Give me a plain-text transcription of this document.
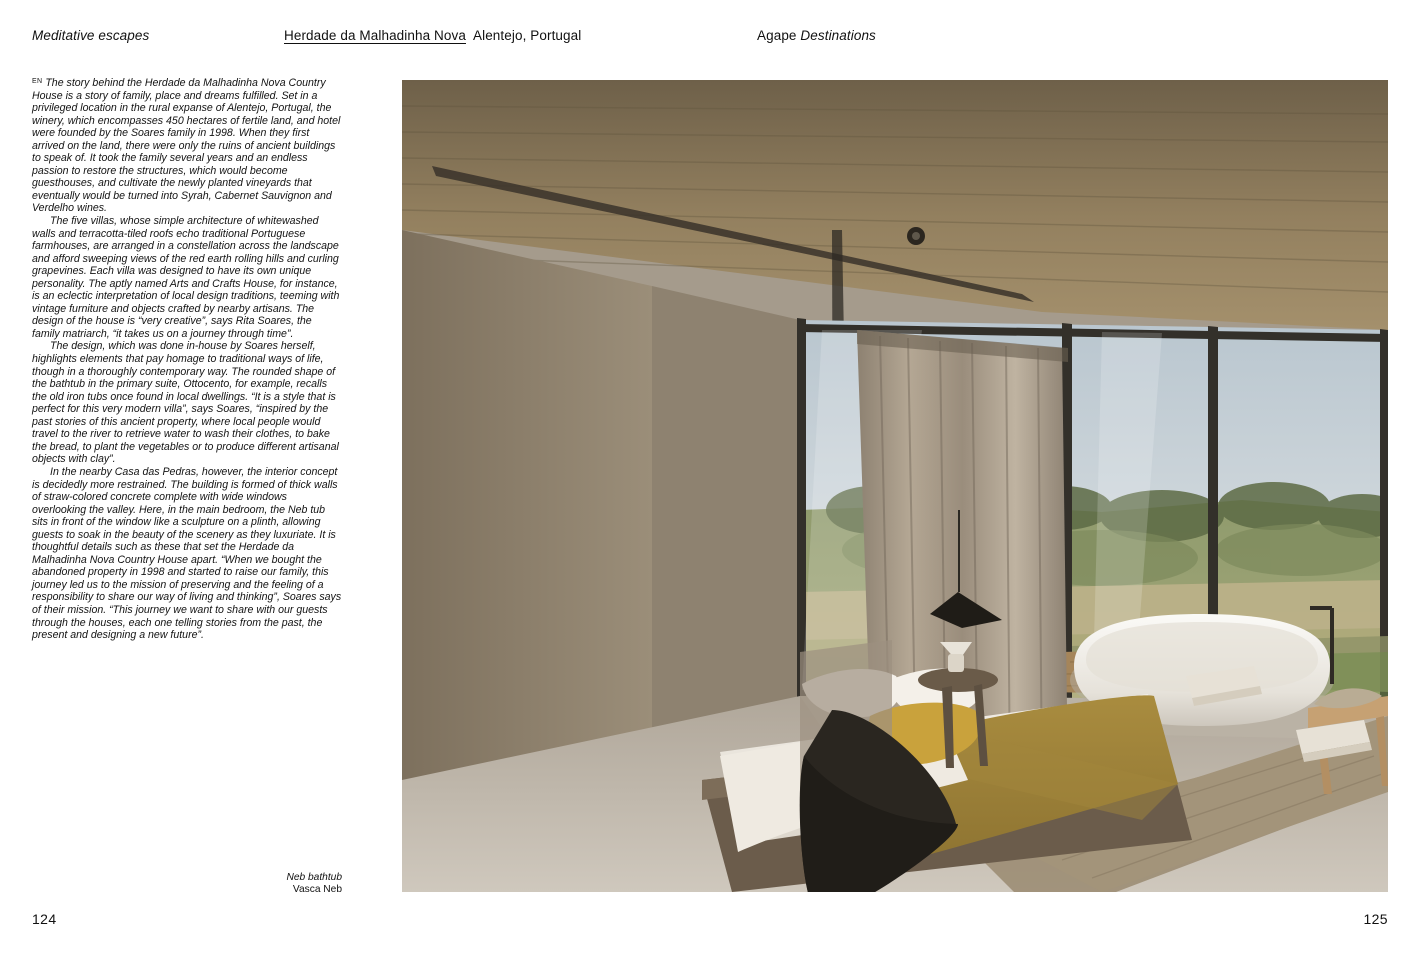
Meditative escapes	Herdade da Malhadinha Nova Alentejo, Portugal	Agape Destinations

$^{EN}$ The story behind the Herdade da Malhadinha Nova Country House is a story of family, place and dreams fulfilled. Set in a privileged location in the rural expanse of Alentejo, Portugal, the winery, which encompasses 450 hectares of fertile land, and hotel were founded by the Soares family in 1998. When they first arrived on the land, there were only the ruins of ancient buildings to speak of. It took the family several years and an endless passion to restore the structures, which would become guesthouses, and cultivate the newly planted vineyards that eventually would be turned into Syrah, Cabernet Sauvignon and Verdelho wines.

The five villas, whose simple architecture of whitewashed walls and terracotta-tiled roofs echo traditional Portuguese farmhouses, are arranged in a constellation across the landscape and afford sweeping views of the red earth rolling hills and curling grapevines. Each villa was designed to have its own unique personality. The aptly named Arts and Crafts House, for instance, is an eclectic interpretation of local design traditions, teeming with vintage furniture and objects crafted by nearby artisans. The design of the house is “very creative”, says Rita Soares, the family matriarch, “it takes us on a journey through time”.

The design, which was done in-house by Soares herself, highlights elements that pay homage to traditional ways of life, though in a thoroughly contemporary way. The rounded shape of the bathtub in the primary suite, Ottocento, for example, recalls the old iron tubs once found in local dwellings. “It is a style that is perfect for this very modern villa”, says Soares, “inspired by the past stories of this ancient property, where local people would travel to the river to retrieve water to wash their clothes, to bake the bread, to plant the vegetables or to produce different artisanal objects with clay”.

In the nearby Casa das Pedras, however, the interior concept is decidedly more restrained. The building is formed of thick walls of straw-colored concrete complete with wide windows overlooking the valley. Here, in the main bedroom, the Neb tub sits in front of the window like a sculpture on a plinth, allowing guests to soak in the beauty of the scenery as they luxuriate. It is thoughtful details such as these that set the Herdade da Malhadinha Nova Country House apart. “When we bought the abandoned property in 1998 and started to raise our family, this journey led us to the mission of preserving and the feeling of a responsibility to share our way of living and thinking”, Soares says of their mission. “This journey we want to share with our guests through the houses, each one telling stories from the past, the present and designing a new future”.

Neb bathtub
Vasca Neb
124	125
